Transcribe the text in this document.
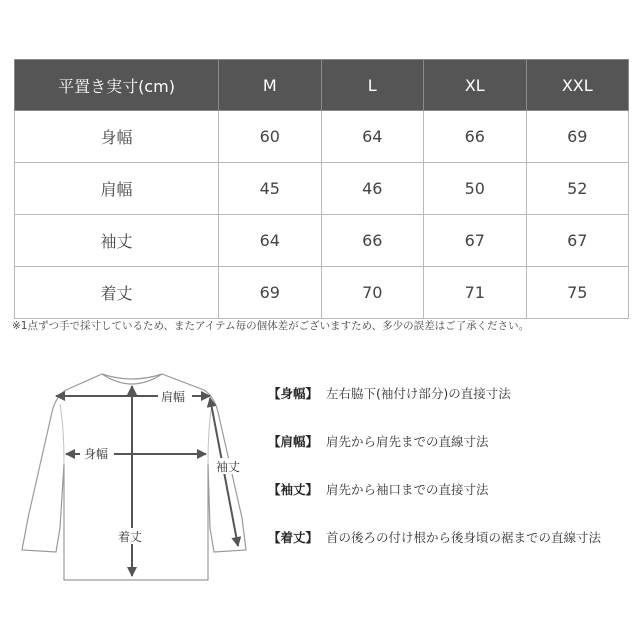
平置き実寸(cm)	M	L	XL	XXL
身幅	60	64	66	69
肩幅	45	46	50	52
袖丈	64	66	67	67
着丈	69	70	71	75
※1点ずつ手で採寸しているため、またアイテム毎の個体差がございますため、多少の誤差はご了承ください。
肩幅
身幅
袖丈
着丈
【身幅】 左右脇下(袖付け部分)の直接寸法
【肩幅】 肩先から肩先までの直線寸法
【袖丈】 肩先から袖口までの直接寸法
【着丈】 首の後ろの付け根から後身頃の裾までの直線寸法
